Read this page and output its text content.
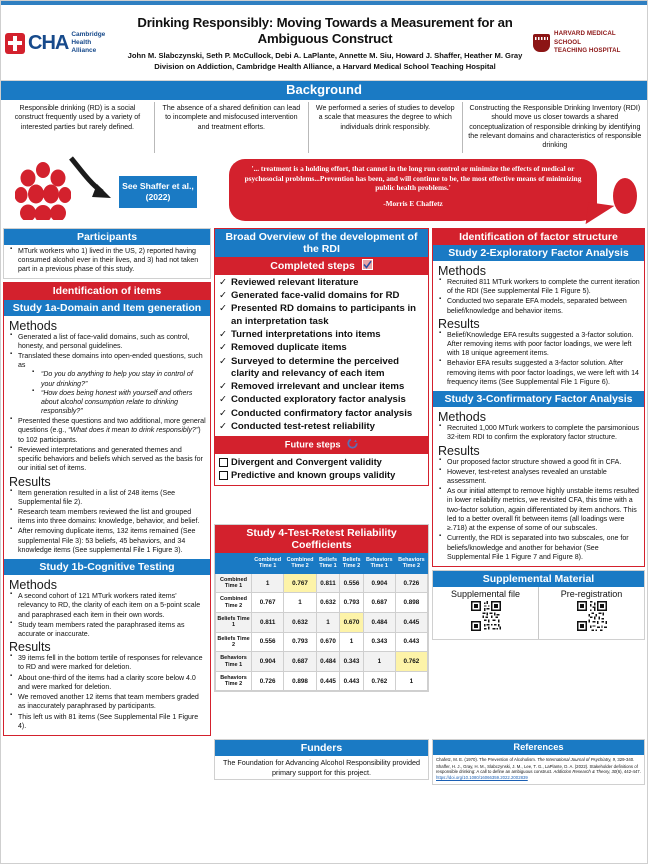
CHA Cambridge
Health Alliance
Drinking Responsibly: Moving Towards a Measurement for an Ambiguous Construct
John M. Slabczynski, Seth P. McCullock, Debi A. LaPlante, Annette M. Siu, Howard J. Shaffer, Heather M. Gray
Division on Addiction, Cambridge Health Alliance, a Harvard Medical School Teaching Hospital
HARVARD MEDICAL SCHOOL
TEACHING HOSPITAL
Background
Responsible drinking (RD) is a social construct frequently used by a variety of interested parties but rarely defined.
The absence of a shared definition can lead to incomplete and misfocused intervention and treatment efforts.
We performed a series of studies to develop a scale that measures the degree to which individuals drink responsibly.
Constructing the Responsible Drinking Inventory (RDI) should move us closer towards a shared conceptualization of responsible drinking by identifying the relevant domains and characteristics of responsible drinking
See Shaffer et al., (2022)
'... treatment is a holding effort, that cannot in the long run control or minimize the effects of medical or psychosocial problems...Prevention has been, and will continue to be, the most effective means of minimizing public health problems.'
-Morris E Chaffetz
Participants
▪ MTurk workers who 1) lived in the US, 2) reported having consumed alcohol ever in their lives, and 3) had not taken part in a previous phase of this study.
Identification of items
Study 1a-Domain and Item generation
Methods
▪ Generated a list of face-valid domains, such as control, honesty, and personal guidelines.
▪ Translated these domains into open-ended questions, such as
▪ “Do you do anything to help you stay in control of your drinking?”
▪ “How does being honest with yourself and others about alcohol consumption relate to drinking responsibly?”
▪ Presented these questions and two additional, more general questions (e.g., “What does it mean to drink responsibly?”) to 102 participants.
▪ Reviewed interpretations and generated themes and specific behaviors and beliefs which served as the basis for our initial set of items.
Results
▪ Item generation resulted in a list of 248 items (See Supplemental file 2).
▪ Research team members reviewed the list and grouped items into three domains: knowledge, behavior, and belief.
▪ After removing duplicate items, 132 items remained (See supplemental File 3): 53 beliefs, 45 behaviors, and 34 knowledge items (See supplemental File 1 Figure 3).
Study 1b-Cognitive Testing
Methods
▪ A second cohort of 121 MTurk workers rated items’ relevancy to RD, the clarity of each item on a 5-point scale and paraphrased each item in their own words.
▪ Study team members rated the paraphrased items as accurate or inaccurate.
Results
▪ 39 items fell in the bottom tertile of responses for relevance to RD and were marked for deletion.
▪ About one-third of the items had a clarity score below 4.0 and were marked for deletion.
▪ We removed another 12 items that team members graded as inaccurately paraphrased by participants.
▪ This left us with 81 items (See Supplemental File 1 Figure 4).
Broad Overview of the development of the RDI
Completed steps
✓ Reviewed relevant literature
✓ Generated face-valid domains for RD
✓ Presented RD domains to participants in an interpretation task
✓ Turned interpretations into items
✓ Removed duplicate items
✓ Surveyed to determine the perceived clarity and relevancy of each item
✓ Removed irrelevant and unclear items
✓ Conducted exploratory factor analysis
✓ Conducted confirmatory factor analysis
✓ Conducted test-retest reliability
Future steps
Divergent and Convergent validity
Predictive and known groups validity
Study 4-Test-Retest Reliability Coefficients
	Combined Time 1	Combined Time 2	Beliefs Time 1	Beliefs Time 2	Behaviors Time 1	Behaviors Time 2
Combined Time 1	1	0.767	0.811	0.556	0.904	0.726
Combined Time 2	0.767	1	0.632	0.793	0.687	0.898
Beliefs Time 1	0.811	0.632	1	0.670	0.484	0.445
Beliefs Time 2	0.556	0.793	0.670	1	0.343	0.443
Behaviors Time 1	0.904	0.687	0.484	0.343	1	0.762
Behaviors Time 2	0.726	0.898	0.445	0.443	0.762	1
Identification of factor structure
Study 2-Exploratory Factor Analysis
Methods
▪ Recruited 811 MTurk workers to complete the current iteration of the RDI (See supplemental File 1 Figure 5).
▪ Conducted two separate EFA models, separated between belief/knowledge and behavior items.
Results
▪ Belief/Knowledge EFA results suggested a 3-factor solution. After removing items with poor factor loadings, we were left with 18 unique agreement items.
▪ Behavior EFA results suggested a 3-factor solution. After removing items with poor factor loadings, we were left with 14 frequency items (See Supplemental File 1 Figure 6).
Study 3-Confirmatory Factor Analysis
Methods
▪ Recruited 1,000 MTurk workers to complete the parsimonious 32-item RDI to confirm the exploratory factor structure.
Results
▪ Our proposed factor structure showed a good fit in CFA.
▪ However, test-retest analyses revealed an unstable assessment.
▪ As our initial attempt to remove highly unstable items resulted in lower reliability metrics, we revisited CFA, this time with a two-factor solution, again differentiated by item anchors. This led to a better overall fit between items (all loadings were ≥.718) at the expense of some of our subscales.
▪ Currently, the RDI is separated into two subscales, one for beliefs/knowledge and another for behavior (See Supplemental File 1 Figure 7 and Figure 8).
Supplemental Material
Supplemental file	Pre-registration
Funders
The Foundation for Advancing Alcohol Responsibility provided primary support for this project.
References
Chafetz, M. E. (1970). The Prevention of Alcoholism. The International Journal of Psychiatry, 9, 329-340.
Shaffer, H. J., Gray, H. M., Slabczynski, J. M., Lee, T. G., LaPlante, D. A. (2022). Stakeholder definitions of responsible drinking: A call to define an ambiguous construct. Addiction Research & Theory, 30(6), 442-447. https://doi.org/10.1080/16066359.2022.2002839
